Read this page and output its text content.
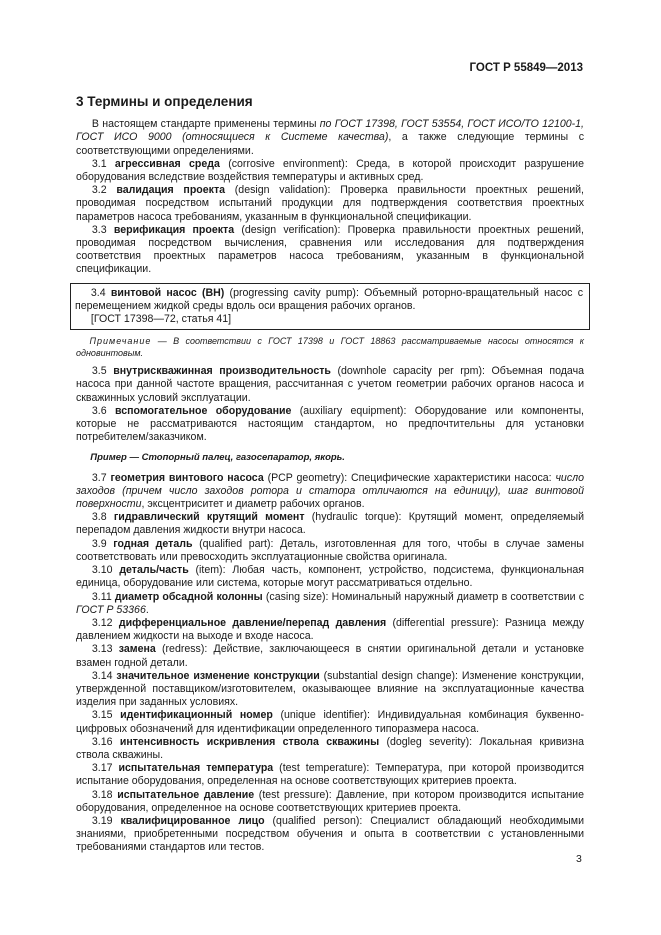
ГОСТ Р 55849—2013
3 Термины и определения

  В настоящем стандарте применены термины по ГОСТ 17398, ГОСТ 53554, ГОСТ ИСО/ТО 12100-1, ГОСТ ИСО 9000 (относящиеся к Системе качества), а также следующие термины с соответствующими определениями.

  3.1 агрессивная среда (corrosive environment): Среда, в которой происходит разрушение оборудования вследствие воздействия температуры и активных сред.

  3.2 валидация проекта (design validation): Проверка правильности проектных решений, проводимая посредством испытаний продукции для подтверждения соответствия проектных параметров насоса требованиям, указанным в функциональной спецификации.

  3.3 верификация проекта (design verification): Проверка правильности проектных решений, проводимая посредством вычисления, сравнения или исследования для подтверждения соответствия проектных параметров насоса требованиям, указанным в функциональной спецификации.

  3.4 винтовой насос (ВН) (progressing cavity pump): Объемный роторно-вращательный насос с перемещением жидкой среды вдоль оси вращения рабочих органов.

  [ГОСТ 17398—72, статья 41]

  Примечание — В соответствии с ГОСТ 17398 и ГОСТ 18863 рассматриваемые насосы относятся к одновинтовым.

  3.5 внутрискважинная производительность (downhole capacity per rpm): Объемная подача насоса при данной частоте вращения, рассчитанная с учетом геометрии рабочих органов насоса и скважинных условий эксплуатации.

  3.6 вспомогательное оборудование (auxiliary equipment): Оборудование или компоненты, которые не рассматриваются настоящим стандартом, но предпочтительны для установки потребителем/заказчиком.

  Пример — Стопорный палец, газосепаратор, якорь.

  3.7 геометрия винтового насоса (PCP geometry): Специфические характеристики насоса: число заходов (причем число заходов ротора и статора отличаются на единицу), шаг винтовой поверхности, эксцентриситет и диаметр рабочих органов.

  3.8 гидравлический крутящий момент (hydraulic torque): Крутящий момент, определяемый перепадом давления жидкости внутри насоса.

  3.9 годная деталь (qualified part): Деталь, изготовленная для того, чтобы в случае замены соответствовать или превосходить эксплуатационные свойства оригинала.

  3.10 деталь/часть (item): Любая часть, компонент, устройство, подсистема, функциональная единица, оборудование или система, которые могут рассматриваться отдельно.

  3.11 диаметр обсадной колонны (casing size): Номинальный наружный диаметр в соответствии с ГОСТ Р 53366.

  3.12 дифференциальное давление/перепад давления (differential pressure): Разница между давлением жидкости на выходе и входе насоса.

  3.13 замена (redress): Действие, заключающееся в снятии оригинальной детали и установке взамен годной детали.

  3.14 значительное изменение конструкции (substantial design change): Изменение конструкции, утвержденной поставщиком/изготовителем, оказывающее влияние на эксплуатационные качества изделия при заданных условиях.

  3.15 идентификационный номер (unique identifier): Индивидуальная комбинация буквенно-цифровых обозначений для идентификации определенного типоразмера насоса.

  3.16 интенсивность искривления ствола скважины (dogleg severity): Локальная кривизна ствола скважины.

  3.17 испытательная температура (test temperature): Температура, при которой производится испытание оборудования, определенная на основе соответствующих критериев проекта.

  3.18 испытательное давление (test pressure): Давление, при котором производится испытание оборудования, определенное на основе соответствующих критериев проекта.

  3.19 квалифицированное лицо (qualified person): Специалист обладающий необходимыми знаниями, приобретенными посредством обучения и опыта в соответствии с установленными требованиями стандартов или тестов.

3
